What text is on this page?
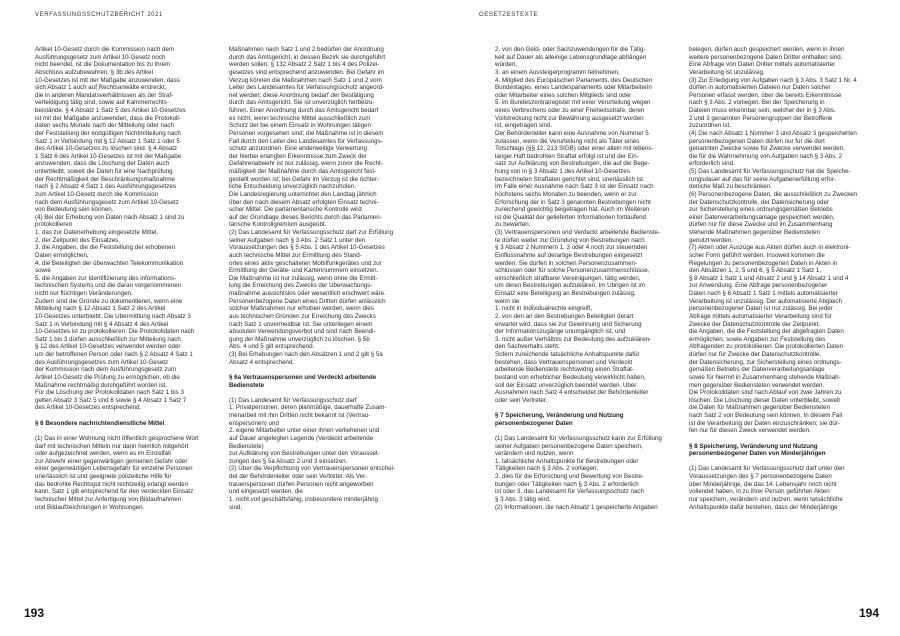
VERFASSUNGSSCHUTZBERICHT 2021	GESETZESTEXTE
Artikel 10-Gesetz durch die Kommission nach dem
Ausführungsgesetz zum Artikel 10-Gesetz noch
nicht beendet, ist die Dokumentation bis zu ihrem
Abschluss aufzubewahren. § 3b des Artikel
10-Gesetzes ist mit der Maßgabe anzuwenden, dass
sich Absatz 1 auch auf Rechtsanwälte erstreckt,
die in anderen Mandatsverhältnissen als der Straf-
verteidigung tätig sind, sowie auf Kammerrechts-
beistände. § 4 Absatz 1 Satz 5 des Artikel 10-Gesetzes
ist mit der Maßgabe anzuwenden, dass die Protokoll-
daten sechs Monate nach der Mitteilung oder nach
der Feststellung der endgültigen Nichtmitteilung nach
Satz 1 in Verbindung mit § 12 Absatz 1 Satz 1 oder 5
des Artikel 10-Gesetzes zu löschen sind. § 4 Absatz
1 Satz 6 des Artikel 10-Gesetzes ist mit der Maßgabe
anzuwenden, dass die Löschung der Daten auch
unterbleibt, soweit die Daten für eine Nachprüfung
der Rechtmäßigkeit der Beschränkungsmaßnahme
nach § 2 Absatz 4 Satz 1 des Ausführungsgesetzes
zum Artikel 10-Gesetz durch die Kommission
nach dem Ausführungsgesetz zum Artikel 10-Gesetz
von Bedeutung sein können.
(4) Bei der Erhebung von Daten nach Absatz 1 sind zu
protokollieren
1. das zur Datenerhebung eingesetzte Mittel,
2. der Zeitpunkt des Einsatzes,
3. die Angaben, die die Feststellung der erhobenen
Daten ermöglichen,
4. die Beteiligten der überwachten Telekommunikation
sowie
5. die Angaben zur Identifizierung des informations-
technischen Systems und die daran vorgenommenen
nicht nur flüchtigen Veränderungen.
Zudem sind die Gründe zu dokumentieren, wenn eine
Mitteilung nach § 12 Absatz 1 Satz 2 des Artikel
10-Gesetzes unterbleibt. Die Übermittlung nach Absatz 3
Satz 1 in Verbindung mit § 4 Absatz 4 des Artikel
10-Gesetzes ist zu protokollieren. Die Protokolldaten nach
Satz 1 bis 3 dürfen ausschließlich zur Mitteilung nach
§ 12 des Artikel 10-Gesetzes verwendet werden oder
um der betroffenen Person oder nach § 2 Absatz 4 Satz 1
des Ausführungsgesetzes zum Artikel 10-Gesetz
der Kommission nach dem Ausführungsgesetz zum
Artikel 10-Gesetz die Prüfung zu ermöglichen, ob die
Maßnahme rechtmäßig durchgeführt worden ist.
Für die Löschung der Protokolldaten nach Satz 1 bis 3
gelten Absatz 3 Satz 5 und 6 sowie § 4 Absatz 1 Satz 7
des Artikel 10-Gesetzes entsprechend.

§ 6 Besondere nachrichtendienstliche Mittel

(1) Das in einer Wohnung nicht öffentlich gesprochene Wort
darf mit technischen Mitteln nur dann heimlich mitgehört
oder aufgezeichnet werden, wenn es im Einzelfall
zur Abwehr einer gegenwärtigen gemeinen Gefahr oder
einer gegenwärtigen Lebensgefahr für einzelne Personen
unerlässlich ist und geeignete polizeiliche Hilfe für
das bedrohte Rechtsgut nicht rechtzeitig erlangt werden
kann. Satz 1 gilt entsprechend für den verdeckten Einsatz
technischer Mittel zur Anfertigung von Bildaufnahmen
und Bildaufzeichnungen in Wohnungen.
Maßnahmen nach Satz 1 und 2 bedürfen der Anordnung
durch das Amtsgericht, in dessen Bezirk sie durchgeführt
werden sollen. § 132 Absatz 2 Satz 1 bis 4 des Polizei-
gesetzes sind entsprechend anzuwenden. Bei Gefahr im
Verzug können die Maßnahmen nach Satz 1 und 2 vom
Leiter des Landesamtes für Verfassungsschutz angeord-
net werden; diese Anordnung bedarf der Bestätigung
durch das Amtsgericht. Sie ist unverzüglich herbeizu-
führen. Einer Anordnung durch das Amtsgericht bedarf
es nicht, wenn technische Mittel ausschließlich zum
Schutz der bei einem Einsatz in Wohnungen tätigen
Personen vorgesehen sind; die Maßnahme ist in diesem
Fall durch den Leiter des Landesamtes für Verfassungs-
schutz anzuordnen. Eine anderweitige Verwertung
der hierbei erlangten Erkenntnisse zum Zweck der
Gefahrenabwehr ist nur zulässig, wenn zuvor die Recht-
mäßigkeit der Maßnahme durch das Amtsgericht fest-
gestellt worden ist; bei Gefahr im Verzug ist die richter-
liche Entscheidung unverzüglich nachzuholen.
Die Landesregierung unterrichtet den Landtag jährlich
über den nach diesem Absatz erfolgten Einsatz techni-
scher Mittel. Die parlamentarische Kontrolle wird
auf der Grundlage dieses Berichts durch das Parlamen-
tarische Kontrollgremium ausgeübt.
(2) Das Landesamt für Verfassungsschutz darf zur Erfüllung
seiner Aufgaben nach § 3 Abs. 2 Satz 1 unter den
Voraussetzungen des § 5 Abs. 1 des Artikel 10-Gesetzes
auch technische Mittel zur Ermittlung des Stand-
ortes eines aktiv geschalteten Mobilfunkgerätes und zur
Ermittlung der Geräte- und Kartennummern einsetzen.
Die Maßnahme ist nur zulässig, wenn ohne die Ermitt-
lung die Erreichung des Zwecks der Überwachungs-
maßnahme aussichtslos oder wesentlich erschwert wäre.
Personenbezogene Daten eines Dritten dürfen anlässlich
solcher Maßnahmen nur erhoben werden, wenn dies
aus technischen Gründen zur Erreichung des Zwecks
nach Satz 1 unvermeidbar ist. Sie unterliegen einem
absoluten Verwendungsverbot und sind nach Beendi-
gung der Maßnahme unverzüglich zu löschen. § 5b
Abs. 4 und 5 gilt entsprechend.
(3) Bei Erhebungen nach den Absätzen 1 und 2 gilt § 5a
Absatz 4 entsprechend.

§ 6a Vertrauenspersonen und Verdeckt arbeitende
Bedienstete

(1) Das Landesamt für Verfassungsschutz darf
1. Privatpersonen, deren planmäßige, dauerhafte Zusam-
menarbeit mit ihm Dritten nicht bekannt ist (Vertrau-
enspersonen) und
2. eigene Mitarbeiter unter einer ihnen verliehenen und
auf Dauer angelegten Legende (Verdeckt arbeitende
Bedienstete)
zur Aufklärung von Bestrebungen unter den Vorausset-
zungen des § 5a Absatz 2 und 3 einsetzen.
(2) Über die Verpflichtung von Vertrauenspersonen entschei-
det der Behördenleiter oder sein Vertreter. Als Ver-
trauenspersonen dürfen Personen nicht angeworben
und eingesetzt werden, die
1. nicht voll geschäftsfähig, insbesondere minderjährig
sind,
2. von den Geld- oder Sachzuwendungen für die Tätig-
keit auf Dauer als alleinige Lebensgrundlage abhängen
würden,
3. an einem Aussteigerprogramm teilnehmen,
4. Mitglied des Europäischen Parlaments, des Deutschen
Bundestages, eines Landesparlaments oder Mitarbeiterin
oder Mitarbeiter eines solchen Mitglieds sind oder
5. im Bundeszentralregister mit einer Verurteilung wegen
eines Verbrechens oder zu einer Freiheitsstrafe, deren
Vollstreckung nicht zur Bewährung ausgesetzt worden
ist, eingetragen sind.
Der Behördenleiter kann eine Ausnahme von Nummer 5
zulassen, wenn die Verurteilung nicht als Täter eines
Totschlags (§§ 12, 213 StGB) oder einer allein mit lebens-
langer Haft bedrohten Straftat erfolgt ist und der Ein-
satz zur Aufklärung von Bestrebungen, die auf die Bege-
hung von in § 3 Absatz 1 des Artikel 10-Gesetzes
bezeichneten Straftaten gerichtet sind, unerlässlich ist.
Im Falle einer Ausnahme nach Satz 3 ist der Einsatz nach
höchstens sechs Monaten zu beenden, wenn er zur
Erforschung der in Satz 3 genannten Bestrebungen nicht
zureichend gewichtig beigetragen hat. Auch im Weiteren
ist die Qualität der gelieferten Informationen fortlaufend
zu bewerten.
(3) Vertrauenspersonen und Verdeckt arbeitende Bedienste-
te dürfen weder zur Gründung von Bestrebungen nach
§ 3 Absatz 2 Nummern 1, 3 oder 4 noch zur steuernden
Einflussnahme auf derartige Bestrebungen eingesetzt
werden. Sie dürfen in solchen Personenzusammen-
schlüssen oder für solche Personenzusammenschlüsse,
einschließlich strafbarer Vereinigungen, tätig werden,
um deren Bestrebungen aufzuklären. Im Übrigen ist im
Einsatz eine Beteiligung an Bestrebungen zulässig,
wenn sie
1. nicht in Individualrechte eingreift,
2. von den an den Bestrebungen Beteiligten derart
erwartet wird, dass sie zur Gewinnung und Sicherung
der Informationszugänge unumgänglich ist, und
3. nicht außer Verhältnis zur Bedeutung des aufzuklären-
den Sachverhalts steht.
Sofern zureichende tatsächliche Anhaltspunkte dafür
bestehen, dass Vertrauenspersonen und Verdeckt
arbeitende Bedienstete rechtswidrig einen Straftat-
bestand von erheblicher Bedeutung verwirklicht haben,
soll der Einsatz unverzüglich beendet werden. Über
Ausnahmen nach Satz 4 entscheidet der Behördenleiter
oder sein Vertreter.

§ 7 Speicherung, Veränderung und Nutzung
personenbezogener Daten

(1) Das Landesamt für Verfassungsschutz kann zur Erfüllung
seiner Aufgaben personenbezogene Daten speichern,
verändern und nutzen, wenn
1. tatsächliche Anhaltspunkte für Bestrebungen oder
Tätigkeiten nach § 3 Abs. 2 vorliegen,
2. dies für die Erforschung und Bewertung von Bestre-
bungen oder Tätigkeiten nach § 3 Abs. 2 erforderlich
ist oder 3. das Landesamt für Verfassungsschutz nach
§ 3 Abs. 3 tätig wird.
(2) Informationen, die nach Absatz 1 gespeicherte Angaben
belegen, dürfen auch gespeichert werden, wenn in ihnen
weitere personenbezogene Daten Dritter enthalten sind.
Eine Abfrage von Daten Dritter mittels automatisierter
Verarbeitung ist unzulässig.
(3) Zur Erledigung von Aufgaben nach § 3 Abs. 3 Satz 1 Nr. 4
dürfen in automatisierten Dateien nur Daten solcher
Personen erfasst werden, über die bereits Erkenntnisse
nach § 3 Abs. 2 vorliegen. Bei der Speicherung in
Dateien muss erkennbar sein, welcher der in § 3 Abs.
2 und 3 genannten Personengruppen der Betroffene
zuzuordnen ist.
(4) Die nach Absatz 1 Nummer 3 und Absatz 3 gespeicherten
personenbezogenen Daten dürfen nur für die dort
genannten Zwecke sowie für Zwecke verwendet werden,
die für die Wahrnehmung von Aufgaben nach § 3 Abs. 2
erforderlich sind.
(5) Das Landesamt für Verfassungsschutz hat die Speiche-
rungsdauer auf das für seine Aufgabenerfüllung erfor-
derliche Maß zu beschränken.
(6) Personenbezogene Daten, die ausschließlich zu Zwecken
der Datenschutzkontrolle, der Datensicherung oder
zur Sicherstellung eines ordnungsgemäßen Betriebs
einer Datenverarbeitungsanlage gespeichert werden,
dürfen nur für diese Zwecke und im Zusammenhang
stehende Maßnahmen gegenüber Bediensteten
genutzt werden.
(7) Akten oder Auszüge aus Akten dürfen auch in elektroni-
scher Form geführt werden. Insoweit kommen die
Regelungen zu personenbezogenen Daten in Akten in
den Absätzen 1, 2, 5 und 6, § 5 Absatz 1 Satz 1,
§ 8 Absatz 1 Satz 1 und Absatz 2 und § 14 Absatz 1 und 4
zur Anwendung. Eine Abfrage personenbezogener
Daten nach § 8 Absatz 1 Satz 1 mittels automatisierter
Verarbeitung ist unzulässig. Der automatisierte Abgleich
personenbezogener Daten ist nur zulässig. Bei jeder
Abfrage mittels automatisierter Verarbeitung sind für
Zwecke der Datenschutzkontrolle der Zeitpunkt,
die Angaben, die die Feststellung der abgefragten Daten
ermöglichen, sowie Angaben zur Feststellung des
Abfragenden zu protokollieren. Die protokollierten Daten
dürfen nur für Zwecke der Datenschutzkontrolle,
der Datensicherung, zur Sicherstellung eines ordnungs-
gemäßen Betriebs der Datenverarbeitungsanlage
sowie für hiermit in Zusammenhang stehende Maßnah-
men gegenüber Bediensteten verwendet werden.
Die Protokolldaten sind nach Ablauf von zwei Jahren zu
löschen. Die Löschung dieser Daten unterbleibt, soweit
die Daten für Maßnahmen gegenüber Bediensteten
nach Satz 2 von Bedeutung sein können. In diesem Fall
ist die Verarbeitung der Daten einzuschränken; sie dür-
fen nur für diesen Zweck verwendet werden.

§ 8 Speicherung, Veränderung und Nutzung
personenbezogener Daten von Minderjährigen

(1) Das Landesamt für Verfassungsschutz darf unter den
Voraussetzungen des § 7 personenbezogene Daten
über Minderjährige, die das 14. Lebensjahr noch nicht
vollendet haben, in zu ihrer Person geführten Akten
nur speichern, verändern und nutzen, wenn tatsächliche
Anhaltspunkte dafür bestehen, dass der Minderjährige
193	194
